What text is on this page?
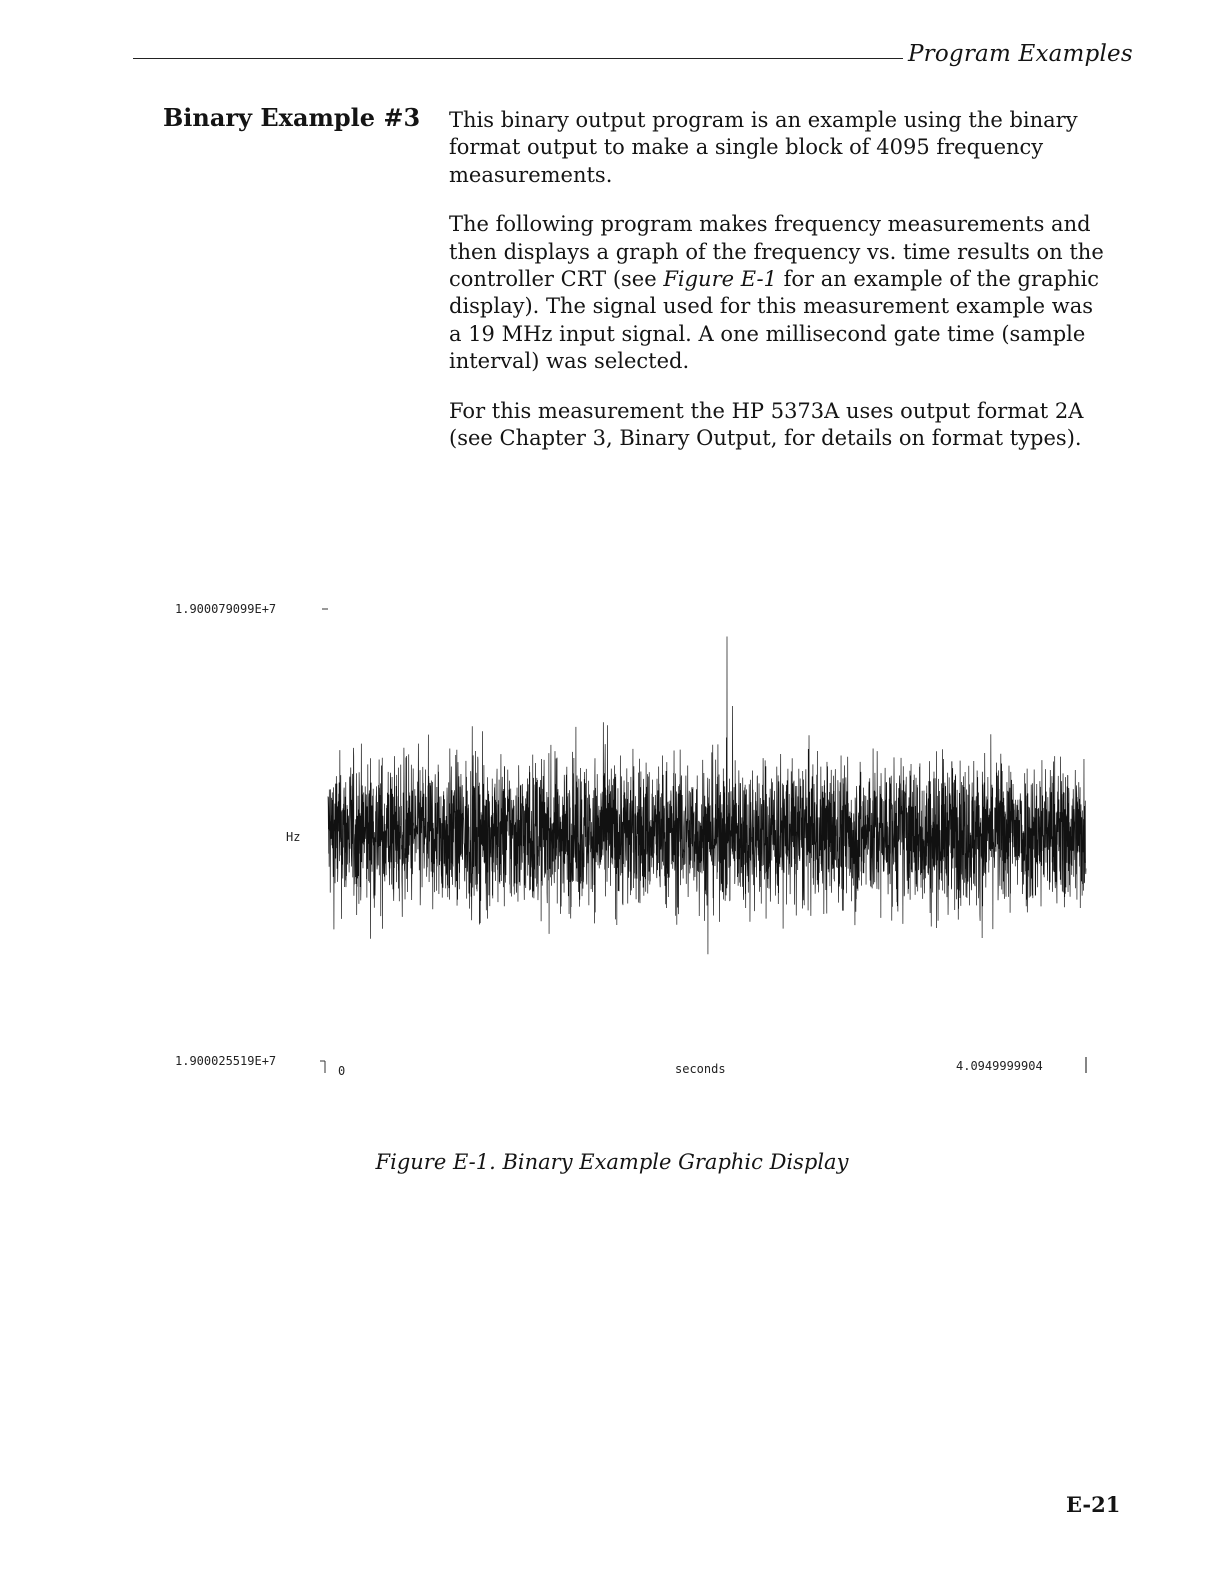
Program Examples
Binary Example #3 This binary output program is an example using the binary format output to make a single block of 4095 frequency measurements.

The following program makes frequency measurements and then displays a graph of the frequency vs. time results on the controller CRT (see Figure E-1 for an example of the graphic display). The signal used for this measurement example was a 19 MHz input signal. A one millisecond gate time (sample interval) was selected.

For this measurement the HP 5373A uses output format 2A (see Chapter 3, Binary Output, for details on format types).

1.900079099E+7
Hz
1.900025519E+7
0	seconds	4.0949999904
Figure E-1. Binary Example Graphic Display
E-21
